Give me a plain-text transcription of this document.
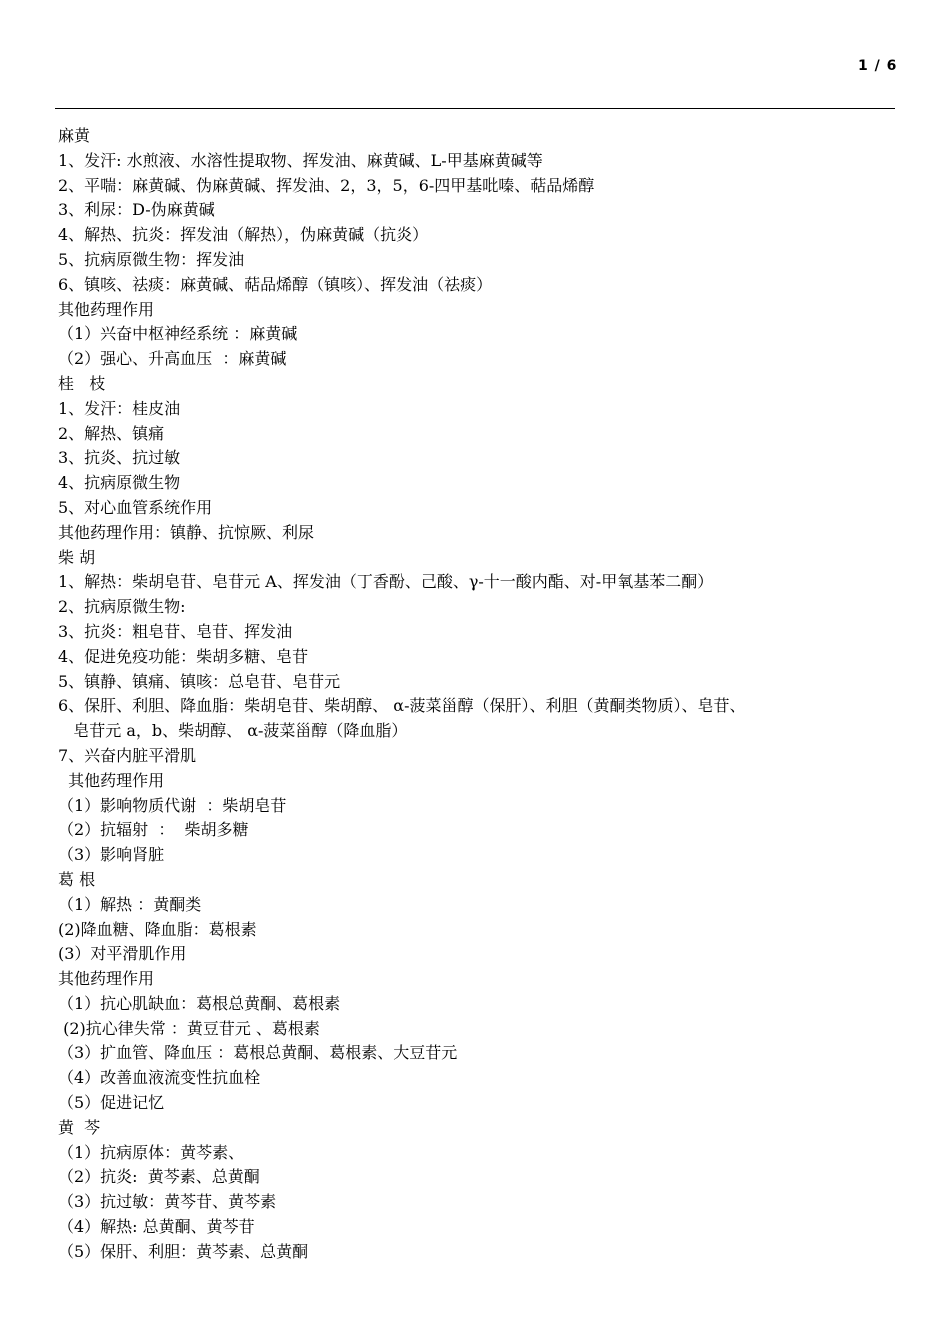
1 / 6
麻黄
1、发汗: 水煎液、水溶性提取物、挥发油、麻黄碱、L-甲基麻黄碱等
2、平喘：麻黄碱、伪麻黄碱、挥发油、2，3，5，6-四甲基吡嗪、萜品烯醇
3、利尿：D-伪麻黄碱
4、解热、抗炎：挥发油（解热），伪麻黄碱（抗炎）
5、抗病原微生物：挥发油
6、镇咳、祛痰：麻黄碱、萜品烯醇（镇咳）、挥发油（祛痰）
其他药理作用
（1）兴奋中枢神经系统 ：麻黄碱
（2）强心、升高血压  ：麻黄碱
桂   枝
1、发汗：桂皮油
2、解热、镇痛
3、抗炎、抗过敏
4、抗病原微生物
5、对心血管系统作用
其他药理作用：镇静、抗惊厥、利尿
柴 胡
1、解热：柴胡皂苷、皂苷元 A、挥发油（丁香酚、己酸、γ-十一酸内酯、对-甲氧基苯二酮）
2、抗病原微生物:
3、抗炎：粗皂苷、皂苷、挥发油
4、促进免疫功能：柴胡多糖、皂苷
5、镇静、镇痛、镇咳：总皂苷、皂苷元
6、保肝、利胆、降血脂：柴胡皂苷、柴胡醇、 α-菠菜甾醇（保肝）、利胆（黄酮类物质）、皂苷、
皂苷元 a，b、柴胡醇、 α-菠菜甾醇（降血脂）
7、兴奋内脏平滑肌
其他药理作用
（1）影响物质代谢  ：柴胡皂苷
（2）抗辐射  ：  柴胡多糖
（3）影响肾脏
葛 根
（1）解热 ：黄酮类
(2)降血糖、降血脂：葛根素
(3）对平滑肌作用
其他药理作用
（1）抗心肌缺血：葛根总黄酮、葛根素
(2)抗心律失常 ：黄豆苷元 、葛根素
（3）扩血管、降血压 ：葛根总黄酮、葛根素、大豆苷元
（4）改善血液流变性抗血栓
（5）促进记忆
黄  芩
（1）抗病原体：黄芩素、
（2）抗炎:  黄芩素、总黄酮
（3）抗过敏：黄芩苷、黄芩素
（4）解热: 总黄酮、黄芩苷
（5）保肝、利胆：黄芩素、总黄酮
